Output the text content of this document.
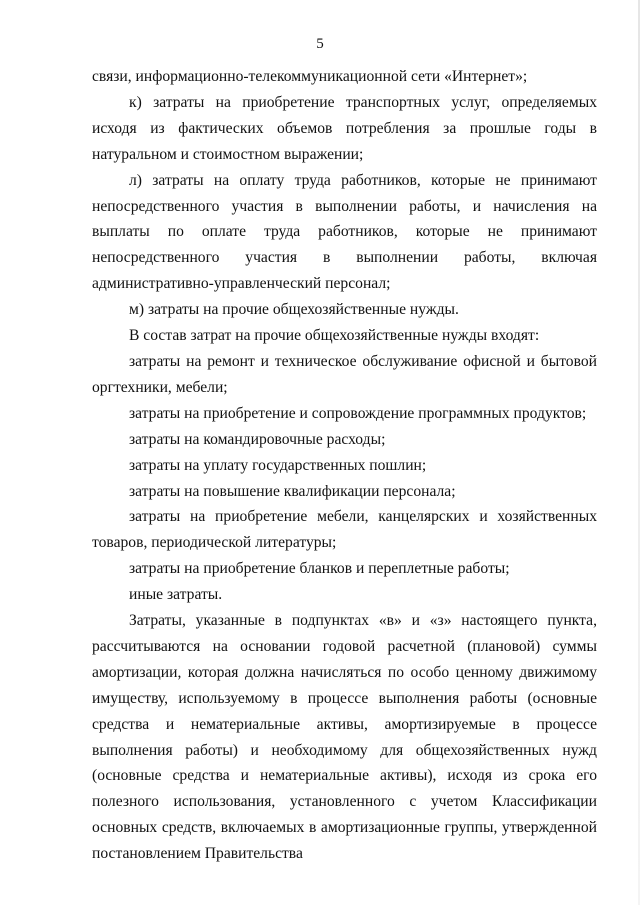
5

связи, информационно-телекоммуникационной сети «Интернет»;

к) затраты на приобретение транспортных услуг, определяемых исходя из фактических объемов потребления за прошлые годы в натуральном и стоимостном выражении;

л) затраты на оплату труда работников, которые не принимают непосредственного участия в выполнении работы, и начисления на выплаты по оплате труда работников, которые не принимают непосредственного участия в выполнении работы, включая административно-управленческий персонал;

м) затраты на прочие общехозяйственные нужды.

В состав затрат на прочие общехозяйственные нужды входят:

затраты на ремонт и техническое обслуживание офисной и бытовой оргтехники, мебели;

затраты на приобретение и сопровождение программных продуктов;

затраты на командировочные расходы;

затраты на уплату государственных пошлин;

затраты на повышение квалификации персонала;

затраты на приобретение мебели, канцелярских и хозяйственных товаров, периодической литературы;

затраты на приобретение бланков и переплетные работы;

иные затраты.

Затраты, указанные в подпунктах «в» и «з» настоящего пункта, рассчитываются на основании годовой расчетной (плановой) суммы амортизации, которая должна начисляться по особо ценному движимому имуществу, используемому в процессе выполнения работы (основные средства и нематериальные активы, амортизируемые в процессе выполнения работы) и необходимому для общехозяйственных нужд (основные средства и нематериальные активы), исходя из срока его полезного использования, установленного с учетом Классификации основных средств, включаемых в амортизационные группы, утвержденной постановлением Правительства
